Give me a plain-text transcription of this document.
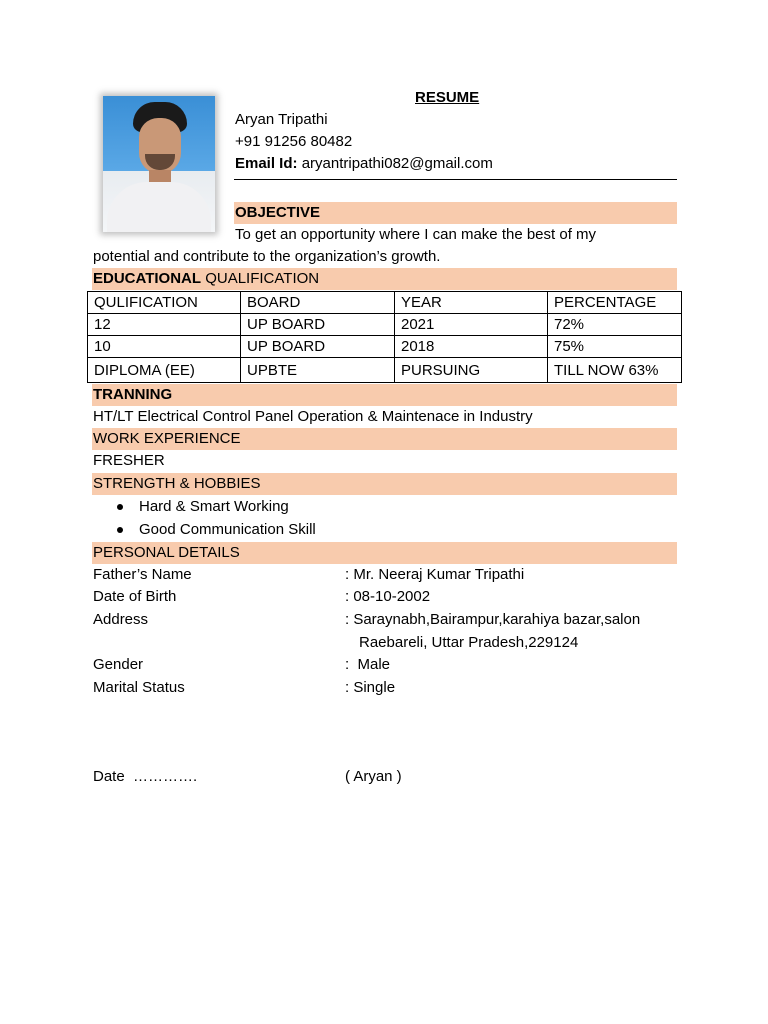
RESUME
Aryan Tripathi
+91 91256 80482
Email Id: aryantripathi082@gmail.com
OBJECTIVE
To get an opportunity where I can make the best of my
potential and contribute to the organization’s growth.
EDUCATIONAL QUALIFICATION
QULIFICATION	BOARD	YEAR	PERCENTAGE
12	UP BOARD	2021	72%
10	UP BOARD	2018	75%
DIPLOMA (EE)	UPBTE	PURSUING	TILL NOW 63%
TRANNING
HT/LT Electrical Control Panel Operation & Maintenace in Industry
WORK EXPERIENCE
FRESHER
STRENGTH & HOBBIES
Hard & Smart Working
Good Communication Skill
PERSONAL DETAILS
Father’s Name	: Mr. Neeraj Kumar Tripathi
Date of Birth	: 08-10-2002
Address	: Saraynabh,Bairampur,karahiya bazar,salon
Raebareli, Uttar Pradesh,229124
Gender	:  Male
Marital Status	: Single
Date  ………….	( Aryan )
